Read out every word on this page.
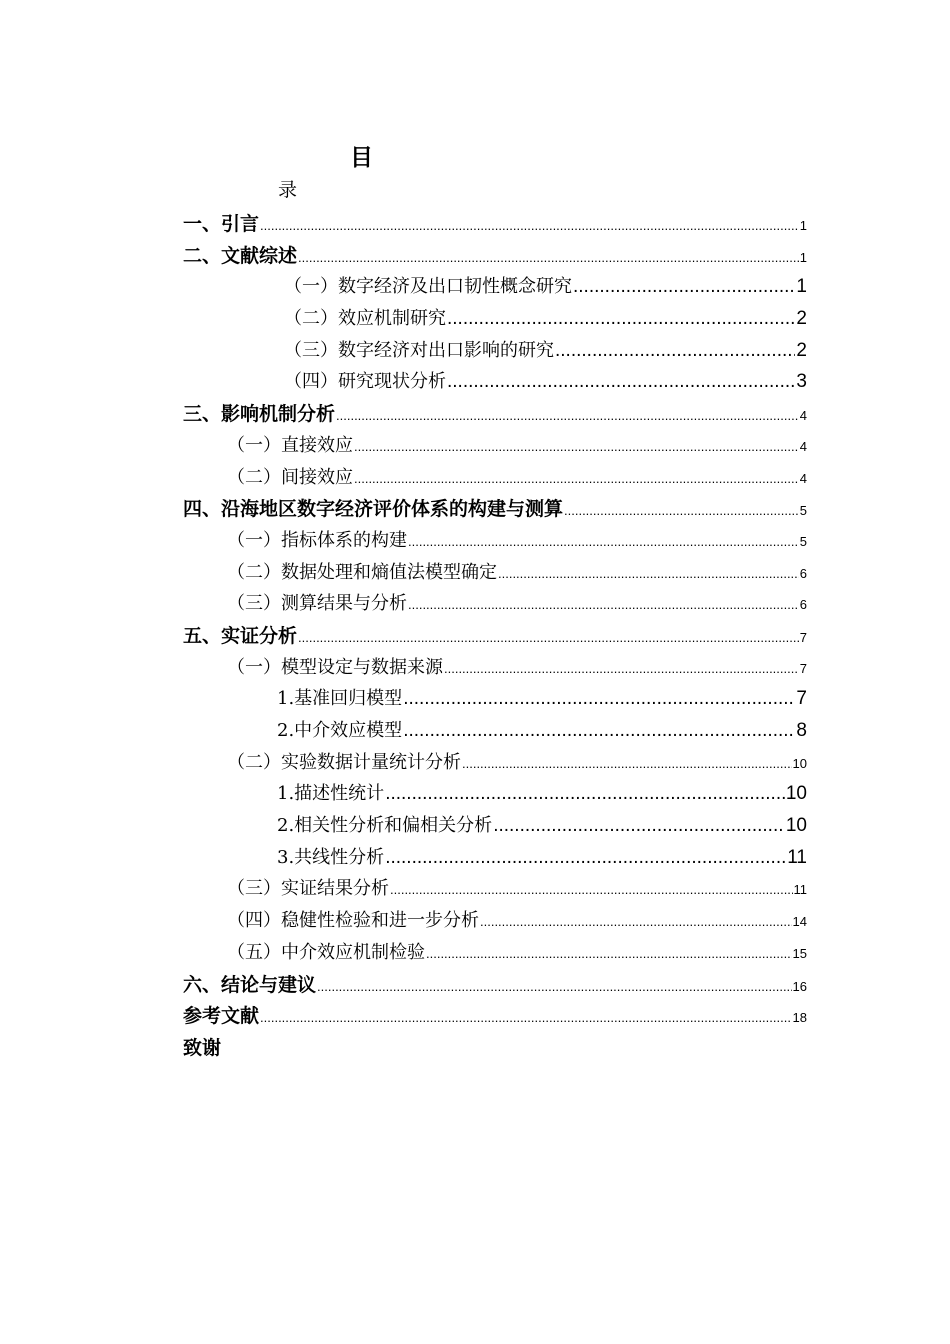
目
录
一、引言 .....	1
二、文献综述 .....	1
（一）数字经济及出口韧性概念研究 .....	1
（二）效应机制研究 .....	2
（三）数字经济对出口影响的研究 .....	2
（四）研究现状分析 .....	3
三、影响机制分析 .....	4
（一）直接效应 .....	4
（二）间接效应 .....	4
四、沿海地区数字经济评价体系的构建与测算 .....	5
（一）指标体系的构建 .....	5
（二）数据处理和熵值法模型确定 .....	6
（三）测算结果与分析 .....	6
五、实证分析 .....	7
（一）模型设定与数据来源 .....	7
1.基准回归模型 .....	7
2.中介效应模型 .....	8
（二）实验数据计量统计分析 .....	10
1.描述性统计 .....	10
2.相关性分析和偏相关分析 .....	10
3.共线性分析 .....	11
（三）实证结果分析 .....	11
（四）稳健性检验和进一步分析 .....	14
（五）中介效应机制检验 .....	15
六、结论与建议 .....	16
参考文献 .....	18
致谢
